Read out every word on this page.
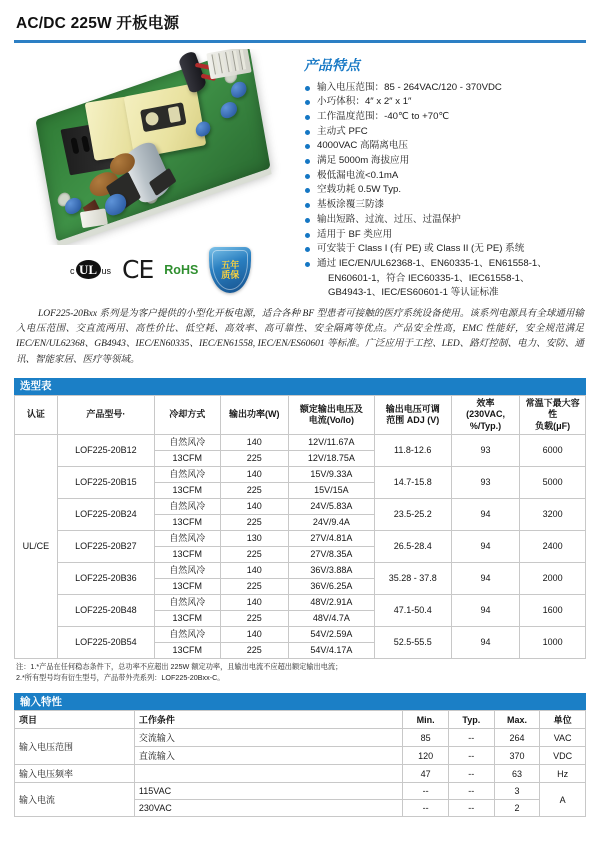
AC/DC 225W 开板电源
c UL us CE RoHS	五年
质保
产品特点
输入电压范围：85 - 264VAC/120 - 370VDC
小巧体积：4″ x 2″ x 1″
工作温度范围：-40℃ to +70℃
主动式 PFC
4000VAC 高隔离电压
满足 5000m 海拔应用
极低漏电流<0.1mA
空载功耗 0.5W Typ.
基板涂覆三防漆
输出短路、过流、过压、过温保护
适用于 BF 类应用
可安装于 Class I (有 PE) 或 Class II (无 PE) 系统
通过 IEC/EN/UL62368-1、EN60335-1、EN61558-1、
EN60601-1，符合 IEC60335-1、IEC61558-1、
GB4943-1、IEC/ES60601-1 等认证标准
LOF225-20Bxx 系列是为客户提供的小型化开板电源，适合各种 BF 型患者可接触的医疗系统设备使用。该系列电源具有全球通用输入电压范围、交直流两用、高性价比、低空耗、高效率、高可靠性、安全隔离等优点。产品安全性高，EMC 性能好，安全规范满足 IEC/EN/UL62368、GB4943、IEC/EN60335、IEC/EN61558, IEC/EN/ES60601 等标准。广泛应用于工控、LED、路灯控制、电力、安防、通讯、智能家居、医疗等领域。
选型表
认证	产品型号·	冷却方式	输出功率(W)	额定输出电压及
电流(Vo/Io)	输出电压可调
范围 ADJ (V)	效率
(230VAC, %/Typ.)	常温下最大容性
负载(μF)
UL/CE	LOF225-20B12	自然风冷	140	12V/11.67A	11.8-12.6	93	6000
		13CFM	225	12V/18.75A			
	LOF225-20B15	自然风冷	140	15V/9.33A	14.7-15.8	93	5000
		13CFM	225	15V/15A			
	LOF225-20B24	自然风冷	140	24V/5.83A	23.5-25.2	94	3200
		13CFM	225	24V/9.4A			
	LOF225-20B27	自然风冷	130	27V/4.81A	26.5-28.4	94	2400
		13CFM	225	27V/8.35A			
	LOF225-20B36	自然风冷	140	36V/3.88A	35.28 - 37.8	94	2000
		13CFM	225	36V/6.25A			
	LOF225-20B48	自然风冷	140	48V/2.91A	47.1-50.4	94	1600
		13CFM	225	48V/4.7A			
	LOF225-20B54	自然风冷	140	54V/2.59A	52.5-55.5	94	1000
		13CFM	225	54V/4.17A			
注：1.*产品在任何稳态条件下，总功率不应超出 225W 额定功率，且输出电流不应超出额定输出电流；
2.*所有型号均有衍生型号，产品带外壳系列：LOF225-20Bxx-C。
输入特性
项目	工作条件	Min.	Typ.	Max.	单位
输入电压范围	交流输入	85	--	264	VAC
	直流输入	120	--	370	VDC
输入电压频率		47	--	63	Hz
输入电流	115VAC	--	--	3	A
	230VAC	--	--	2	
